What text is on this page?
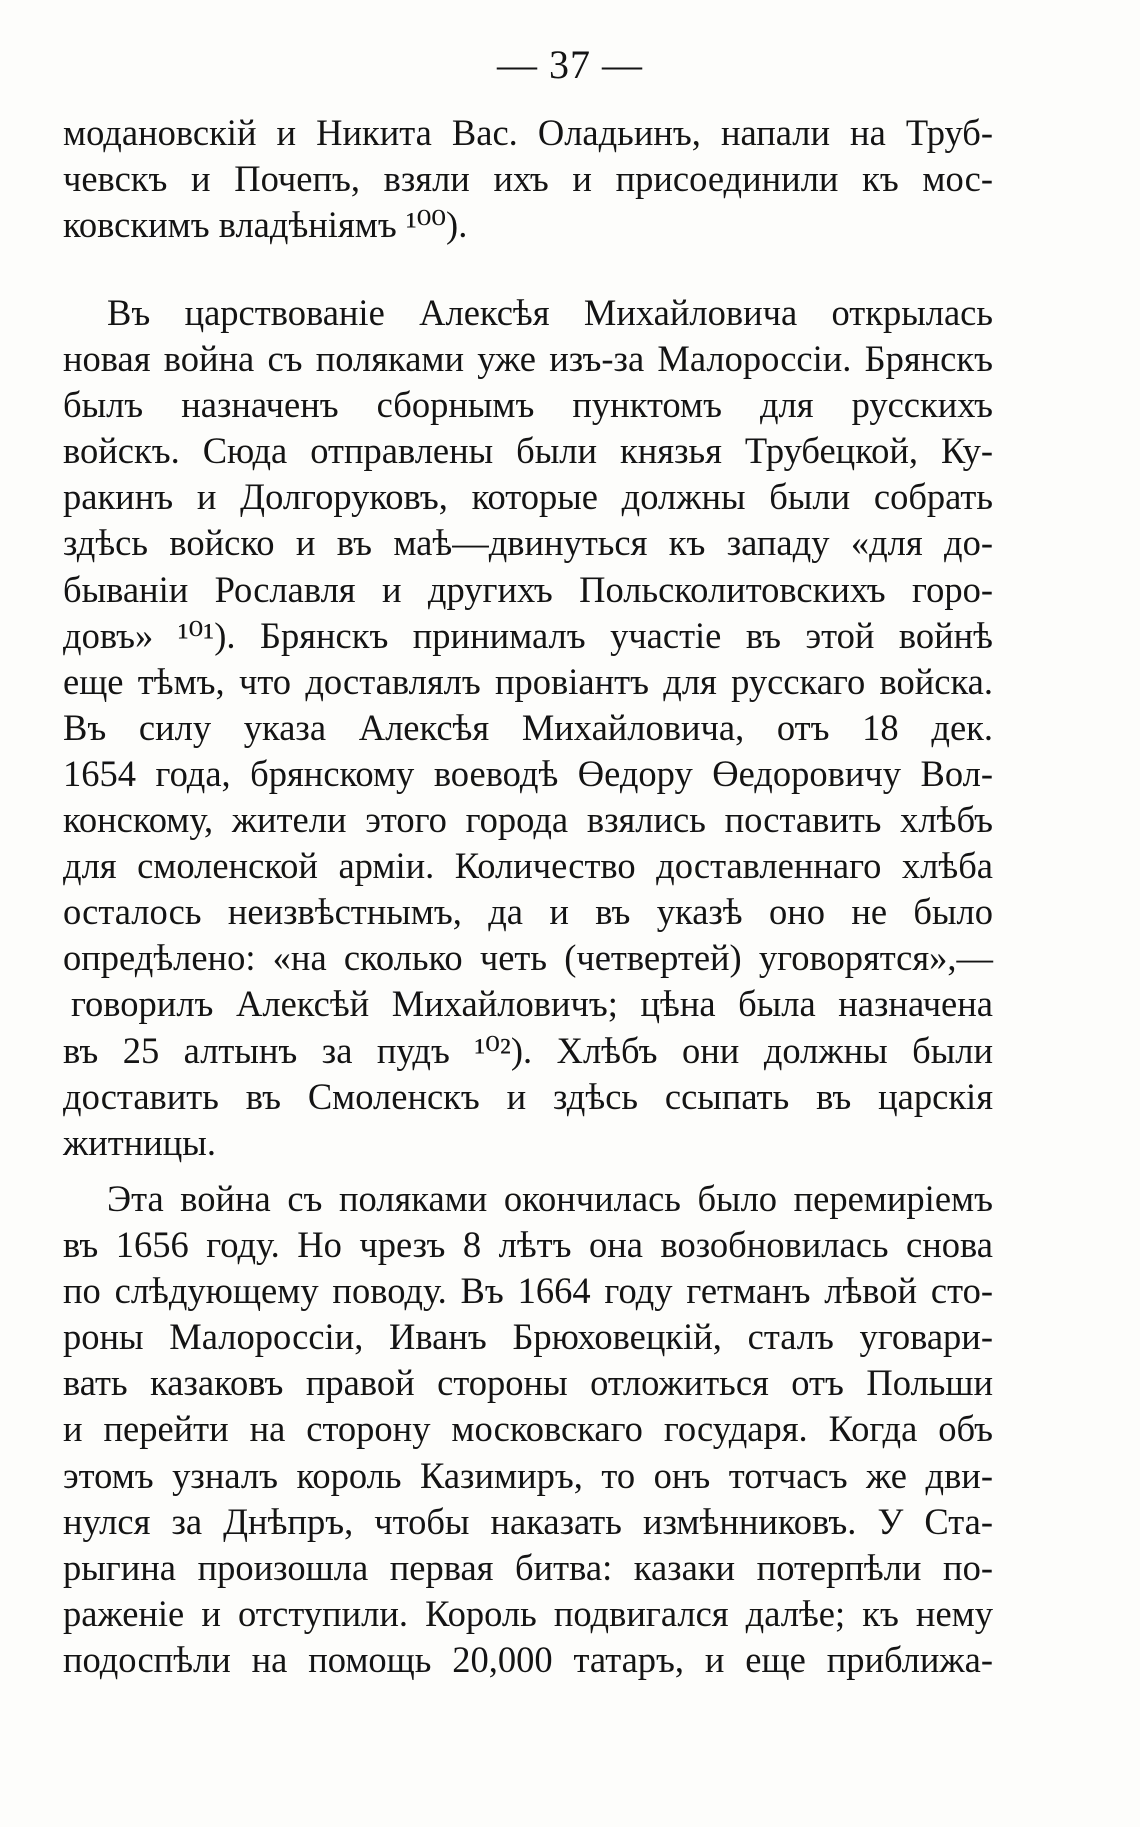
— 37 —
моданoвскій и Никита Вас. Оладьинъ, напали на Труб-
чевскъ и Почепъ, взяли ихъ и присоединили къ мос-
ковскимъ владѣніямъ ¹⁰⁰).
Въ царствованіе Алексѣя Михайловича открылась
новая война съ поляками уже изъ-за Малороссіи. Брянскъ
былъ назначенъ сборнымъ пунктомъ для русскихъ
войскъ. Сюда отправлены были князья Трубецкой, Ку-
ракинъ и Долгоруковъ, которые должны были собрать
здѣсь войско и въ маѣ—двинуться къ западу «для до-
бываніи Рославля и другихъ Польсколитовскихъ горо-
довъ» ¹⁰¹). Брянскъ принималъ участіе въ этой войнѣ
еще тѣмъ, что доставлялъ провіантъ для русскаго войска.
Въ силу указа Алексѣя Михайловича, отъ 18 дек.
1654 года, брянскому воеводѣ Өедору Өедоровичу Вол-
конскому, жители этого города взялись поставить хлѣбъ
для смоленской арміи. Количество доставленнаго хлѣба
осталось неизвѣстнымъ, да и въ указѣ оно не было
опредѣлено: «на сколько четь (четвертей) уговорятся»,—
говорилъ Алексѣй Михайловичъ; цѣна была назначена
въ 25 алтынъ за пудъ ¹⁰²). Хлѣбъ они должны были
доставить въ Смоленскъ и здѣсь ссыпать въ царскія
житницы.
Эта война съ поляками окончилась было перемиріемъ
въ 1656 году. Но чрезъ 8 лѣтъ она возобновилась снова
по слѣдующему поводу. Въ 1664 году гетманъ лѣвой сто-
роны Малороссіи, Иванъ Брюховецкій, сталъ уговари-
вать казаковъ правой стороны отложиться отъ Польши
и перейти на сторону московскаго государя. Когда объ
этомъ узналъ король Казимиръ, то онъ тотчасъ же дви-
нулся за Днѣпръ, чтобы наказать измѣнниковъ. У Ста-
рыгина произошла первая битва: казаки потерпѣли по-
раженіе и отступили. Король подвигался далѣе; къ нему
подоспѣли на помощь 20,000 татаръ, и еще приближа-
